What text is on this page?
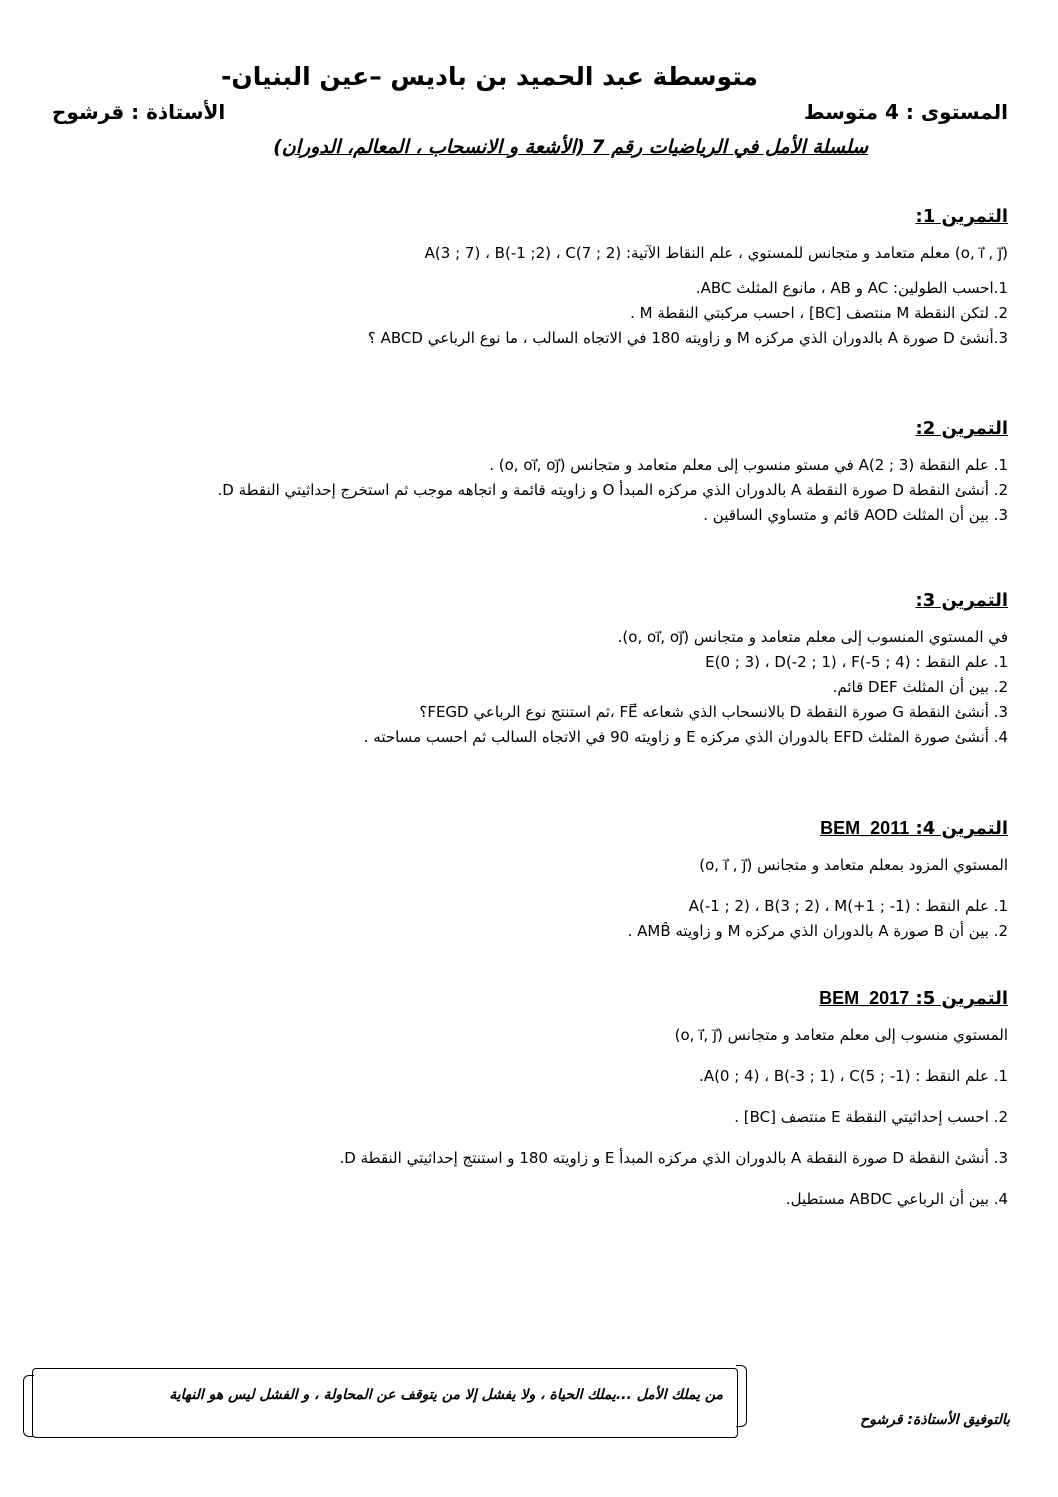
متوسطة عبد الحميد بن باديس –عين البنيان-
المستوى : 4 متوسط
الأستاذة : قرشوح
سلسلة الأمل في الرياضيات رقم 7 (الأشعة و الانسحاب ، المعالم، الدوران)
التمرين 1:
(o, i⃗ , j⃗) معلم متعامد و متجانس للمستوي ، علم النقاط الآتية: A(3 ; 7) ، B(-1 ;2) ، C(7 ; 2)
1.احسب الطولين: AC و AB ، مانوع المثلث ABC.
2. لتكن النقطة M منتصف [BC] ، احسب مركبتي النقطة M .
3.أنشئ D صورة A بالدوران الذي مركزه M و زاويته 180 في الاتجاه السالب ، ما نوع الرباعي ABCD ؟
التمرين 2:
1. علم النقطة A(2 ; 3) في مستو منسوب إلى معلم متعامد و متجانس (o, oı⃗, oȷ⃗) .
2. أنشئ النقطة D صورة النقطة A بالدوران الذي مركزه المبدأ O و زاويته قائمة و اتجاهه موجب ثم استخرج إحداثيتي النقطة D.
3. بين أن المثلث AOD قائم و متساوي الساقين .
التمرين 3:
في المستوي المنسوب إلى معلم متعامد و متجانس (o, oı⃗, oȷ⃗).
1. علم النقط : E(0 ; 3) ، D(-2 ; 1) ، F(-5 ; 4)
2. بين أن المثلث DEF قائم.
3. أنشئ النقطة G صورة النقطة D بالانسحاب الذي شعاعه FE⃗ ،ثم استنتج نوع الرباعي FEGD؟
4. أنشئ صورة المثلث EFD بالدوران الذي مركزه E و زاويته 90 في الاتجاه السالب ثم احسب مساحته .
التمرين 4: BEM_2011
المستوي المزود بمعلم متعامد و متجانس (o, i⃗ , j⃗)
1. علم النقط : A(-1 ; 2) ، B(3 ; 2) ، M(+1 ; -1)
2. بين أن B صورة A بالدوران الذي مركزه M و زاويته AMB̂ .
التمرين 5: BEM_2017
المستوي منسوب إلى معلم متعامد و متجانس (o, ı⃗, ȷ⃗)
1. علم النقط : A(0 ; 4) ، B(-3 ; 1) ، C(5 ; -1).
2. احسب إحداثيتي النقطة E منتصف [BC] .
3. أنشئ النقطة D صورة النقطة A بالدوران الذي مركزه المبدأ E و زاويته 180 و استنتج إحداثيتي النقطة D.
4. بين أن الرباعي ABDC مستطيل.
من يملك الأمل ...يملك الحياة ، ولا يفشل إلا من يتوقف عن المحاولة ، و الفشل ليس هو النهاية
بالتوفيق الأستاذة: قرشوح
